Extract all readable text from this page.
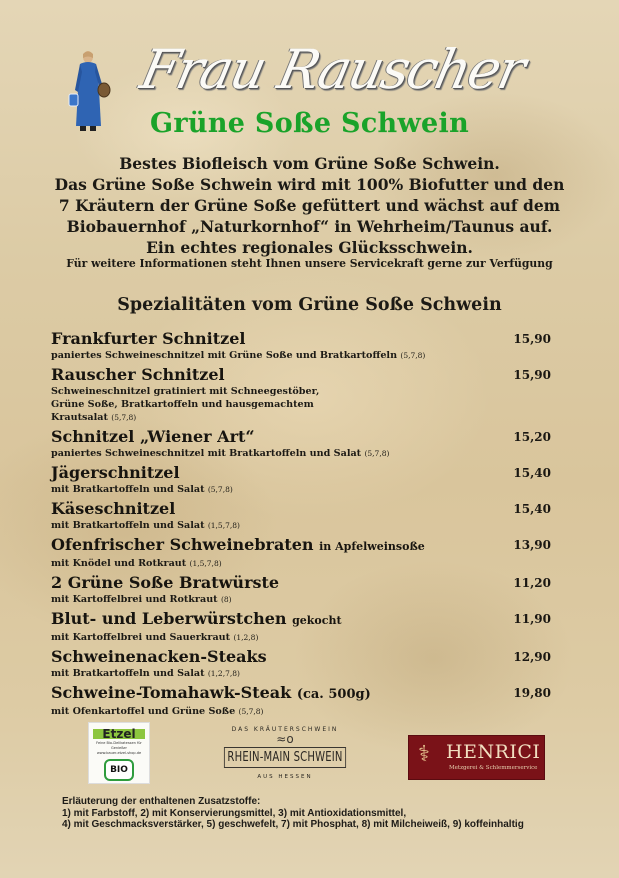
Frau Rauscher
Grüne Soße Schwein
Bestes Biofleisch vom Grüne Soße Schwein.
Das Grüne Soße Schwein wird mit 100% Biofutter und den
7 Kräutern der Grüne Soße gefüttert und wächst auf dem
Biobauernhof „Naturkornhof“ in Wehrheim/Taunus auf.
Ein echtes regionales Glücksschwein.
Für weitere Informationen steht Ihnen unsere Servicekraft gerne zur Verfügung
Spezialitäten vom Grüne Soße Schwein
Frankfurter Schnitzel	15,90
paniertes Schweineschnitzel mit Grüne Soße und Bratkartoffeln (5,7,8)
Rauscher Schnitzel	15,90
Schweineschnitzel gratiniert mit Schneegestöber, Grüne Soße, Bratkartoffeln und hausgemachtem Krautsalat (5,7,8)
Schnitzel „Wiener Art“	15,20
paniertes Schweineschnitzel mit Bratkartoffeln und Salat (5,7,8)
Jägerschnitzel	15,40
mit Bratkartoffeln und Salat (5,7,8)
Käseschnitzel	15,40
mit Bratkartoffeln und Salat (1,5,7,8)
Ofenfrischer Schweinebraten in Apfelweinsoße	13,90
mit Knödel und Rotkraut (1,5,7,8)
2 Grüne Soße Bratwürste	11,20
mit Kartoffelbrei und Rotkraut (8)
Blut- und Leberwürstchen gekocht	11,90
mit Kartoffelbrei und Sauerkraut (1,2,8)
Schweinenacken-Steaks	12,90
mit Bratkartoffeln und Salat (1,2,7,8)
Schweine-Tomahawk-Steak (ca. 500g)	19,80
mit Ofenkartoffel und Grüne Soße (5,7,8)
Etzel
Feine Bio-Delikatessen für Genießer
www.bauer-etzel-shop.de
BIO
DAS KRÄUTERSCHWEIN
≈о
RHEIN-MAIN SCHWEIN
AUS HESSEN
⚕ HENRICI
Metzgerei & Schlemmerservice
Erläuterung der enthaltenen Zusatzstoffe:
1) mit Farbstoff, 2) mit Konservierungsmittel, 3) mit Antioxidationsmittel,
4) mit Geschmacksverstärker, 5) geschwefelt, 7) mit Phosphat, 8) mit Milcheiweiß, 9) koffeinhaltig
